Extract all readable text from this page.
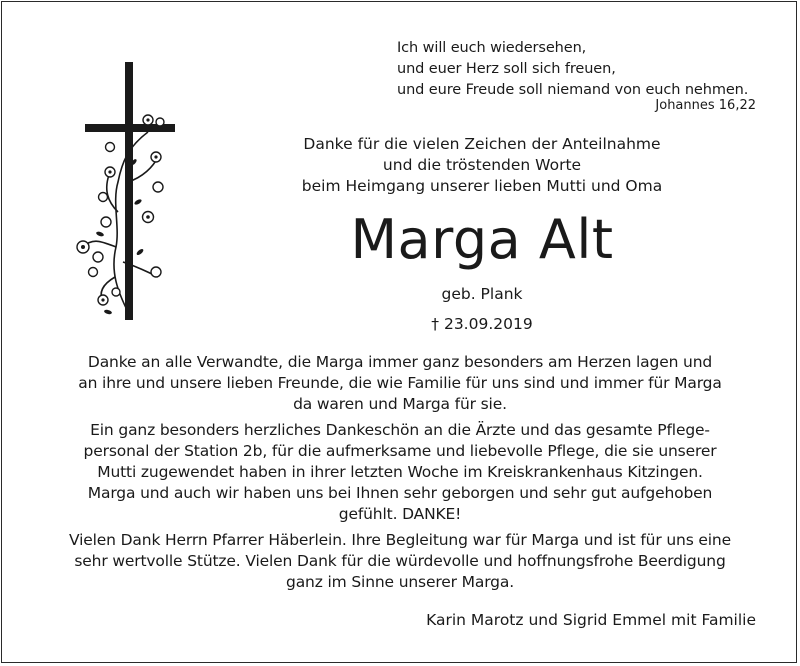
Ich will euch wiedersehen,
und euer Herz soll sich freuen,
und eure Freude soll niemand von euch nehmen.
Johannes 16,22
Danke für die vielen Zeichen der Anteilnahme
und die tröstenden Worte
beim Heimgang unserer lieben Mutti und Oma
Marga Alt
geb. Plank
† 23.09.2019

Danke an alle Verwandte, die Marga immer ganz besonders am Herzen lagen und
an ihre und unsere lieben Freunde, die wie Familie für uns sind und immer für Marga
da waren und Marga für sie.

Ein ganz besonders herzliches Dankeschön an die Ärzte und das gesamte Pflege-
personal der Station 2b, für die aufmerksame und liebevolle Pflege, die sie unserer
Mutti zugewendet haben in ihrer letzten Woche im Kreiskrankenhaus Kitzingen.
Marga und auch wir haben uns bei Ihnen sehr geborgen und sehr gut aufgehoben
gefühlt. DANKE!

Vielen Dank Herrn Pfarrer Häberlein. Ihre Begleitung war für Marga und ist für uns eine
sehr wertvolle Stütze. Vielen Dank für die würdevolle und hoffnungsfrohe Beerdigung
ganz im Sinne unserer Marga.

Karin Marotz und Sigrid Emmel mit Familie
